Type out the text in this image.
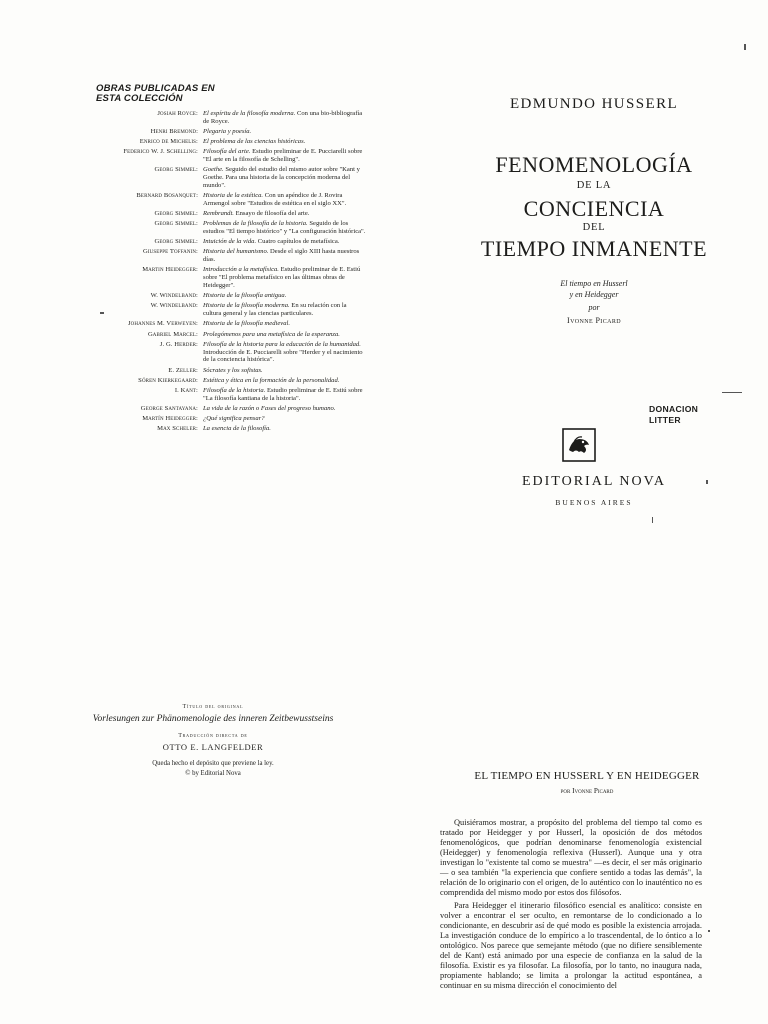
OBRAS PUBLICADAS EN ESTA COLECCIÓN
Josiah Royce: El espíritu de la filosofía moderna. Con una bio-bibliografía de Royce.
Henri Bremond: Plegaria y poesía.
Enrico de Michelis: El problema de las ciencias históricas.
Federico W. J. Schelling: Filosofía del arte. Estudio preliminar de E. Pucciarelli sobre "El arte en la filosofía de Schelling".
Georg Simmel: Goethe. Seguido del estudio del mismo autor sobre "Kant y Goethe. Para una historia de la concepción moderna del mundo".
Bernard Bosanquet: Historia de la estética. Con un apéndice de J. Rovira Armengol sobre "Estudios de estética en el siglo XX".
Georg Simmel: Rembrandt. Ensayo de filosofía del arte.
Georg Simmel: Problemas de la filosofía de la historia. Seguido de los estudios "El tiempo histórico" y "La configuración histórica".
Georg Simmel: Intuición de la vida. Cuatro capítulos de metafísica.
Giuseppe Toffanin: Historia del humanismo. Desde el siglo XIII hasta nuestros días.
Martin Heidegger: Introducción a la metafísica. Estudio preliminar de E. Estiú sobre "El problema metafísico en las últimas obras de Heidegger".
W. Windelband: Historia de la filosofía antigua.
W. Windelband: Historia de la filosofía moderna. En su relación con la cultura general y las ciencias particulares.
Johannes M. Verweyen: Historia de la filosofía medieval.
Gabriel Marcel: Prolegómenos para una metafísica de la esperanza.
J. G. Herder: Filosofía de la historia para la educación de la humanidad. Introducción de E. Pucciarelli sobre "Herder y el nacimiento de la conciencia histórica".
E. Zeller: Sócrates y los sofistas.
Sören Kierkegaard: Estética y ética en la formación de la personalidad.
I. Kant: Filosofía de la historia. Estudio preliminar de E. Estiú sobre "La filosofía kantiana de la historia".
George Santayana: La vida de la razón o Fases del progreso humano.
Martín Heidegger: ¿Qué significa pensar?
Max Scheler: La esencia de la filosofía.
EDMUNDO HUSSERL
FENOMENOLOGÍA
DE LA
CONCIENCIA
DEL
TIEMPO INMANENTE
El tiempo en Husserl
y en Heidegger
por
Ivonne Picard
DONACION
LITTER
EDITORIAL NOVA
BUENOS AIRES
Título del original
Vorlesungen zur Phänomenologie des inneren Zeitbewusstseins
Traducción directa de
OTTO E. LANGFELDER
Queda hecho el depósito que previene la ley.
© by Editorial Nova	EL TIEMPO EN HUSSERL Y EN HEIDEGGER
por Ivonne Picard

Quisiéramos mostrar, a propósito del problema del tiempo tal como es tratado por Heidegger y por Husserl, la oposición de dos métodos fenomenológicos, que podrían denominarse fenomenología existencial (Heidegger) y fenomenología reflexiva (Husserl). Aunque una y otra investigan lo "existente tal como se muestra" —es decir, el ser más originario— o sea también "la experiencia que confiere sentido a todas las demás", la relación de lo originario con el origen, de lo auténtico con lo inauténtico no es comprendida del mismo modo por estos dos filósofos.

Para Heidegger el itinerario filosófico esencial es analítico: consiste en volver a encontrar el ser oculto, en remontarse de lo condicionado a lo condicionante, en descubrir así de qué modo es posible la existencia arrojada. La investigación conduce de lo empírico a lo trascendental, de lo óntico a lo ontológico. Nos parece que semejante método (que no difiere sensiblemente del de Kant) está animado por una especie de confianza en la salud de la filosofía. Existir es ya filosofar. La filosofía, por lo tanto, no inaugura nada, propiamente hablando; se limita a prolongar la actitud espontánea, a continuar en su misma dirección el conocimiento del
